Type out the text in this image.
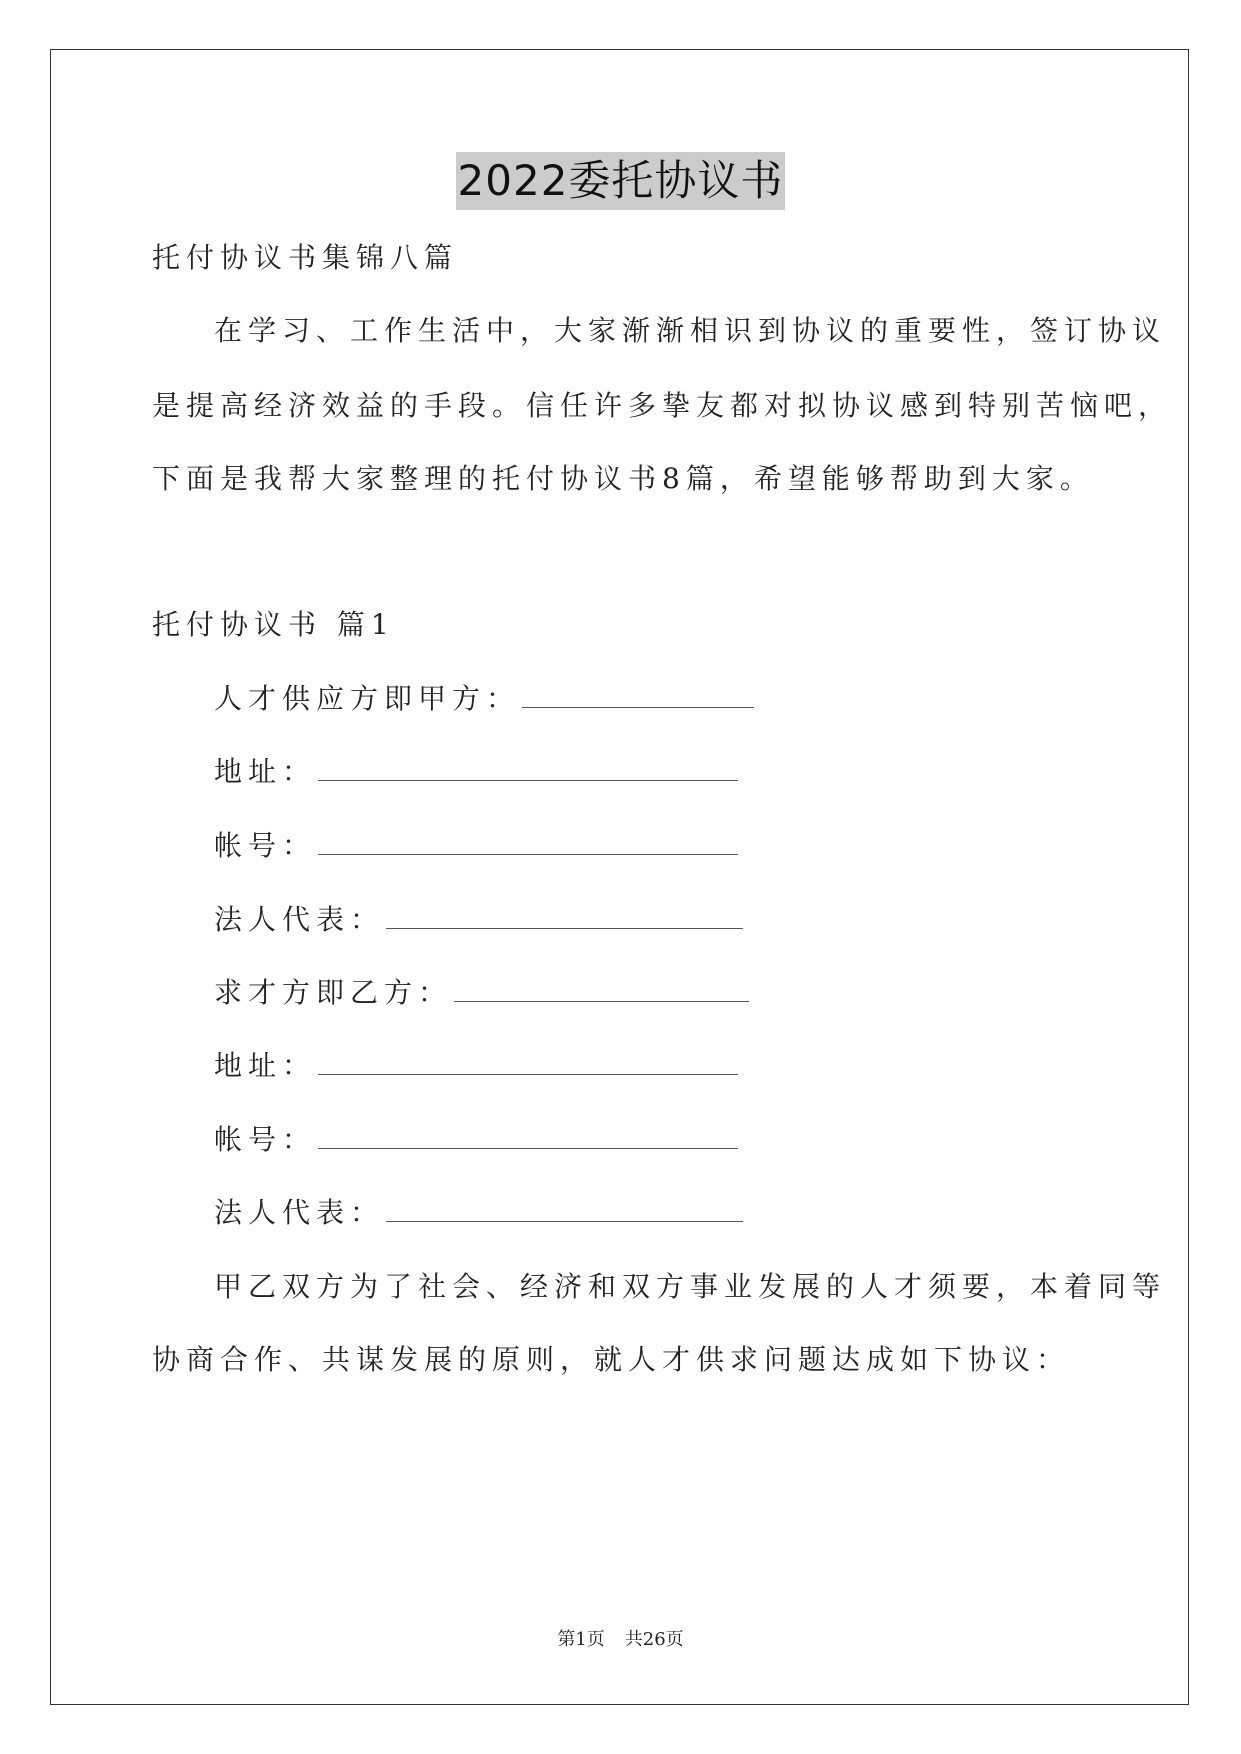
2022委托协议书
托付协议书集锦八篇
在学习、工作生活中，大家渐渐相识到协议的重要性，签订协议
是提高经济效益的手段。信任许多挚友都对拟协议感到特别苦恼吧，
下面是我帮大家整理的托付协议书8篇，希望能够帮助到大家。
托付协议书 篇1
人才供应方即甲方：
地址：
帐号：
法人代表：
求才方即乙方：
地址：
帐号：
法人代表：
甲乙双方为了社会、经济和双方事业发展的人才须要，本着同等
协商合作、共谋发展的原则，就人才供求问题达成如下协议：
第1页 共26页
